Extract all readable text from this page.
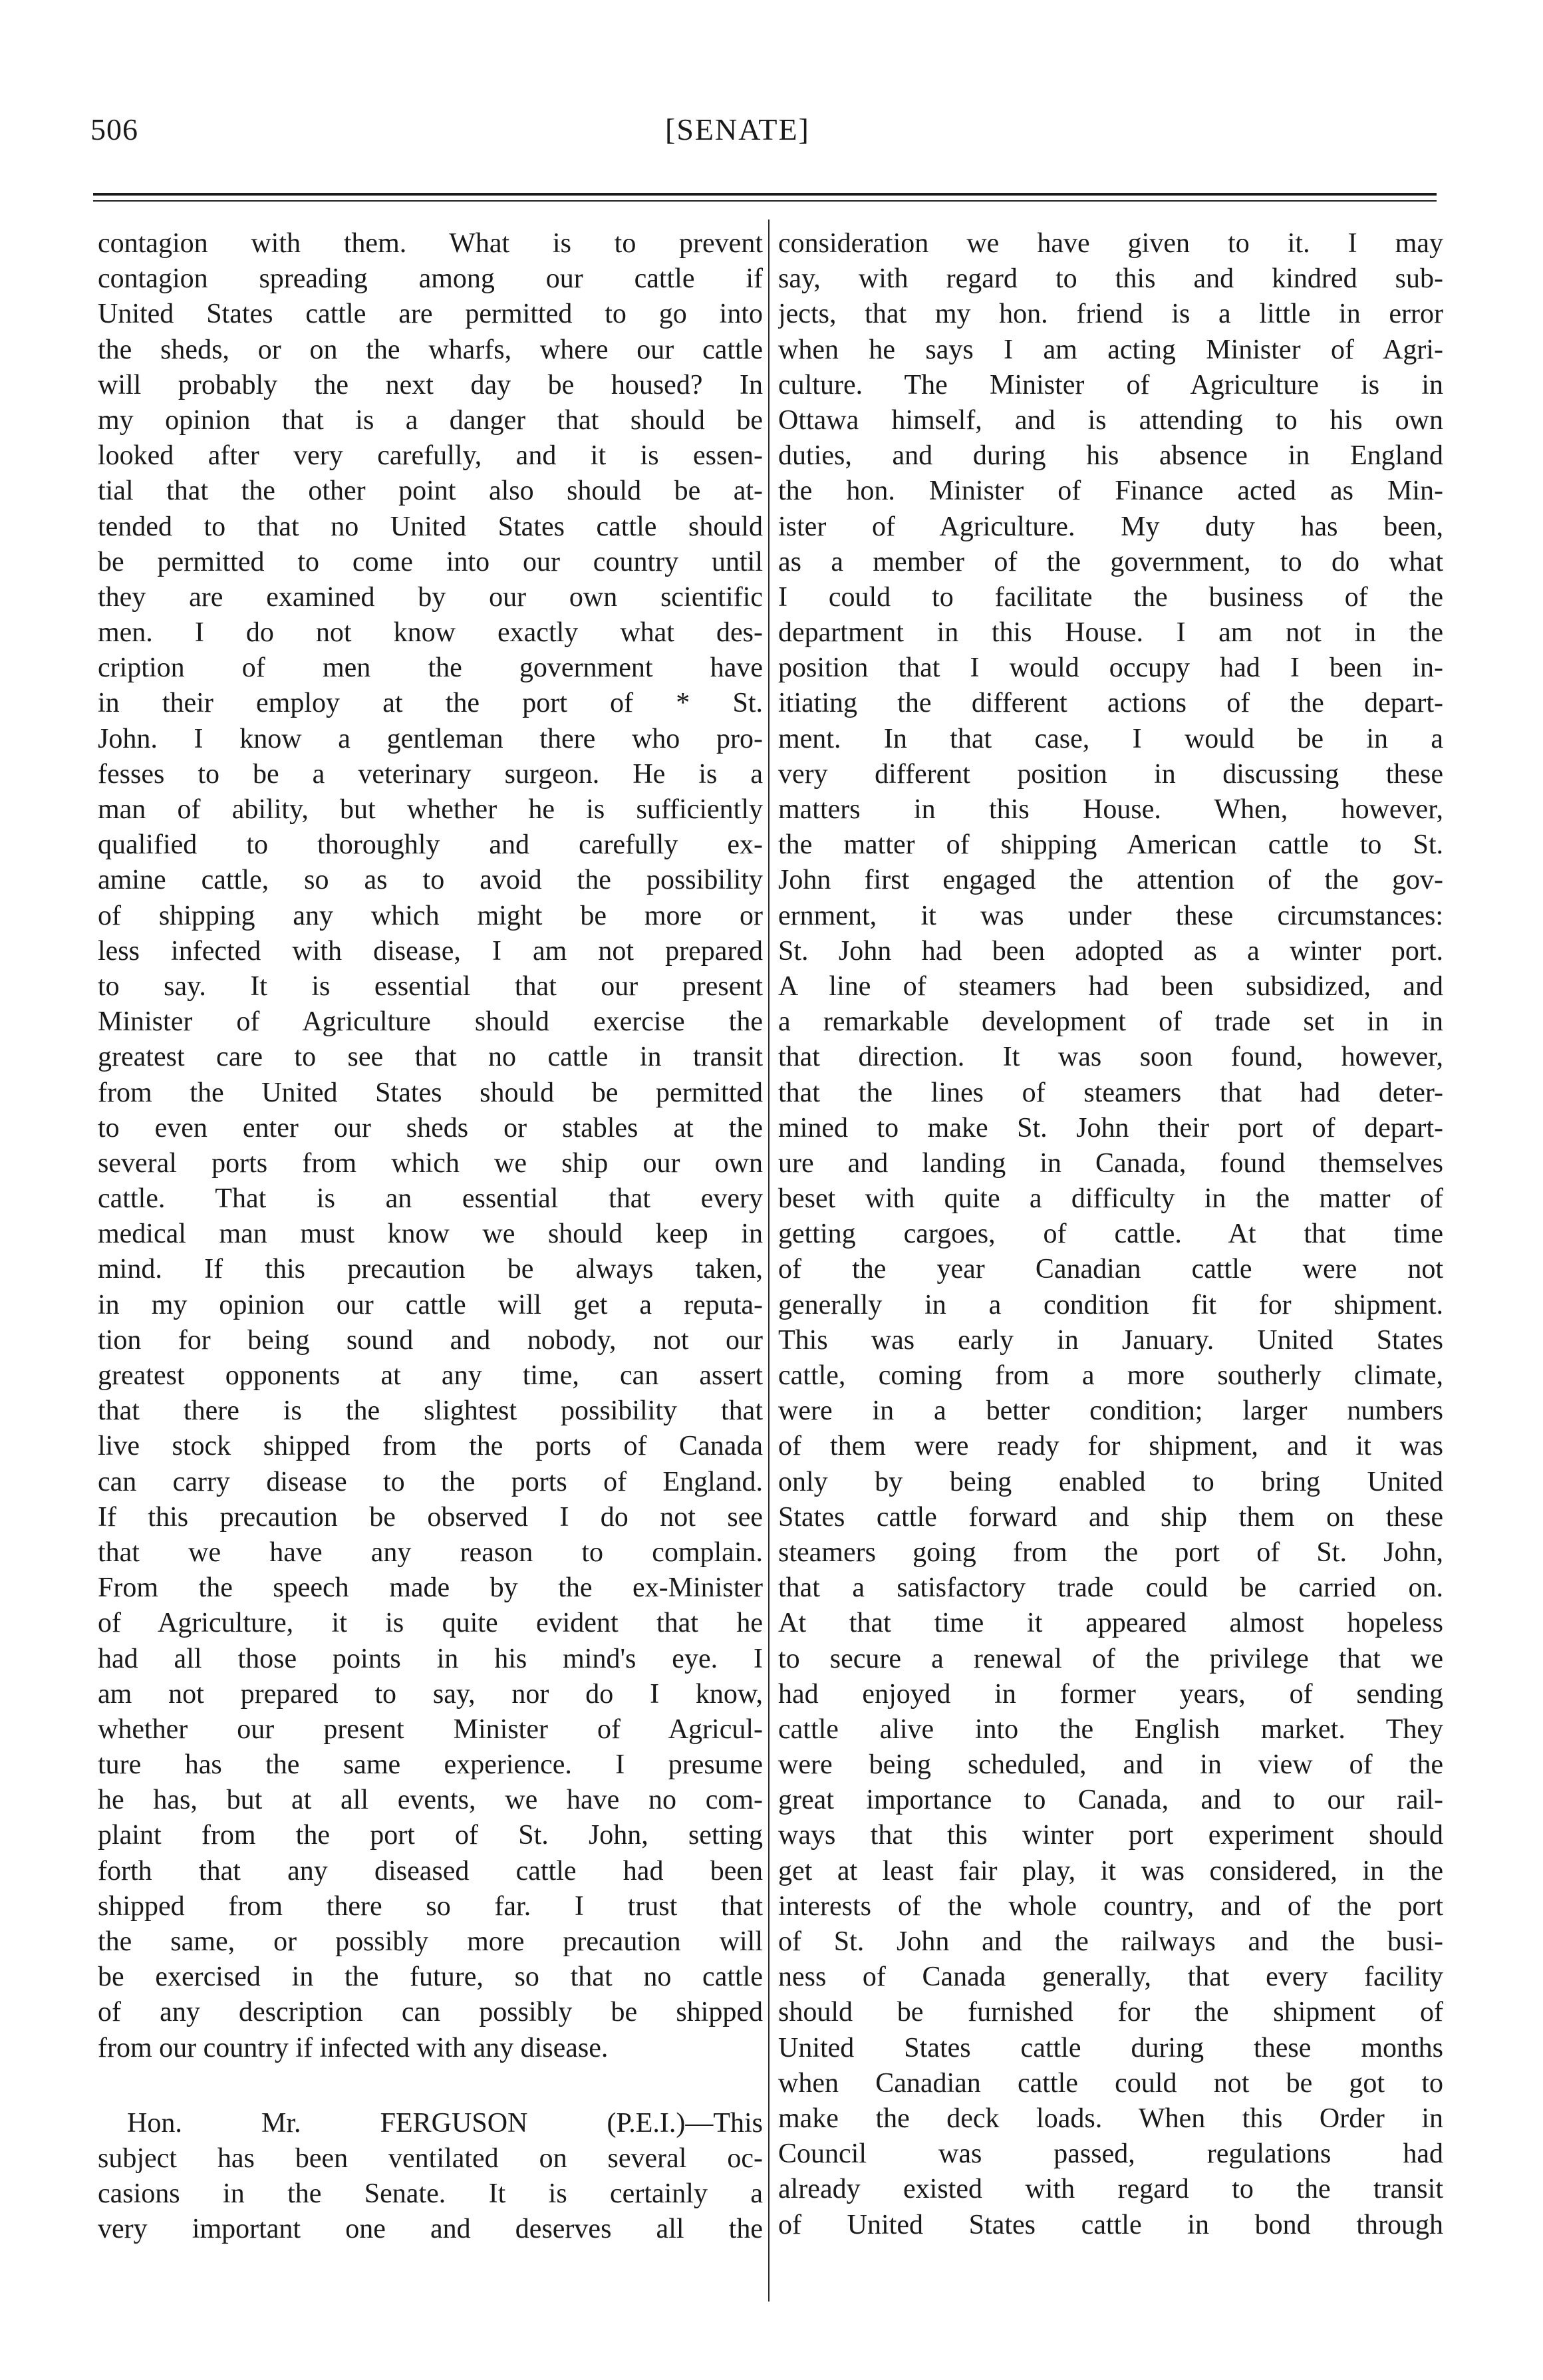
506	[SENATE]
contagion with them. What is to prevent
contagion spreading among our cattle if
United States cattle are permitted to go into
the sheds, or on the wharfs, where our cattle
will probably the next day be housed? In
my opinion that is a danger that should be
looked after very carefully, and it is essen-
tial that the other point also should be at-
tended to that no United States cattle should
be permitted to come into our country until
they are examined by our own scientific
men. I do not know exactly what des-
cription of men the government have
in their employ at the port of * St.
John. I know a gentleman there who pro-
fesses to be a veterinary surgeon. He is a
man of ability, but whether he is sufficiently
qualified to thoroughly and carefully ex-
amine cattle, so as to avoid the possibility
of shipping any which might be more or
less infected with disease, I am not prepared
to say. It is essential that our present
Minister of Agriculture should exercise the
greatest care to see that no cattle in transit
from the United States should be permitted
to even enter our sheds or stables at the
several ports from which we ship our own
cattle. That is an essential that every
medical man must know we should keep in
mind. If this precaution be always taken,
in my opinion our cattle will get a reputa-
tion for being sound and nobody, not our
greatest opponents at any time, can assert
that there is the slightest possibility that
live stock shipped from the ports of Canada
can carry disease to the ports of England.
If this precaution be observed I do not see
that we have any reason to complain.
From the speech made by the ex-Minister
of Agriculture, it is quite evident that he
had all those points in his mind's eye. I
am not prepared to say, nor do I know,
whether our present Minister of Agricul-
ture has the same experience. I presume
he has, but at all events, we have no com-
plaint from the port of St. John, setting
forth that any diseased cattle had been
shipped from there so far. I trust that
the same, or possibly more precaution will
be exercised in the future, so that no cattle
of any description can possibly be shipped
from our country if infected with any disease.
Hon. Mr. FERGUSON (P.E.I.)—This
subject has been ventilated on several oc-
casions in the Senate. It is certainly a
very important one and deserves all the
consideration we have given to it. I may
say, with regard to this and kindred sub-
jects, that my hon. friend is a little in error
when he says I am acting Minister of Agri-
culture. The Minister of Agriculture is in
Ottawa himself, and is attending to his own
duties, and during his absence in England
the hon. Minister of Finance acted as Min-
ister of Agriculture. My duty has been,
as a member of the government, to do what
I could to facilitate the business of the
department in this House. I am not in the
position that I would occupy had I been in-
itiating the different actions of the depart-
ment. In that case, I would be in a
very different position in discussing these
matters in this House. When, however,
the matter of shipping American cattle to St.
John first engaged the attention of the gov-
ernment, it was under these circumstances:
St. John had been adopted as a winter port.
A line of steamers had been subsidized, and
a remarkable development of trade set in in
that direction. It was soon found, however,
that the lines of steamers that had deter-
mined to make St. John their port of depart-
ure and landing in Canada, found themselves
beset with quite a difficulty in the matter of
getting cargoes, of cattle. At that time
of the year Canadian cattle were not
generally in a condition fit for shipment.
This was early in January. United States
cattle, coming from a more southerly climate,
were in a better condition; larger numbers
of them were ready for shipment, and it was
only by being enabled to bring United
States cattle forward and ship them on these
steamers going from the port of St. John,
that a satisfactory trade could be carried on.
At that time it appeared almost hopeless
to secure a renewal of the privilege that we
had enjoyed in former years, of sending
cattle alive into the English market. They
were being scheduled, and in view of the
great importance to Canada, and to our rail-
ways that this winter port experiment should
get at least fair play, it was considered, in the
interests of the whole country, and of the port
of St. John and the railways and the busi-
ness of Canada generally, that every facility
should be furnished for the shipment of
United States cattle during these months
when Canadian cattle could not be got to
make the deck loads. When this Order in
Council was passed, regulations had
already existed with regard to the transit
of United States cattle in bond through
